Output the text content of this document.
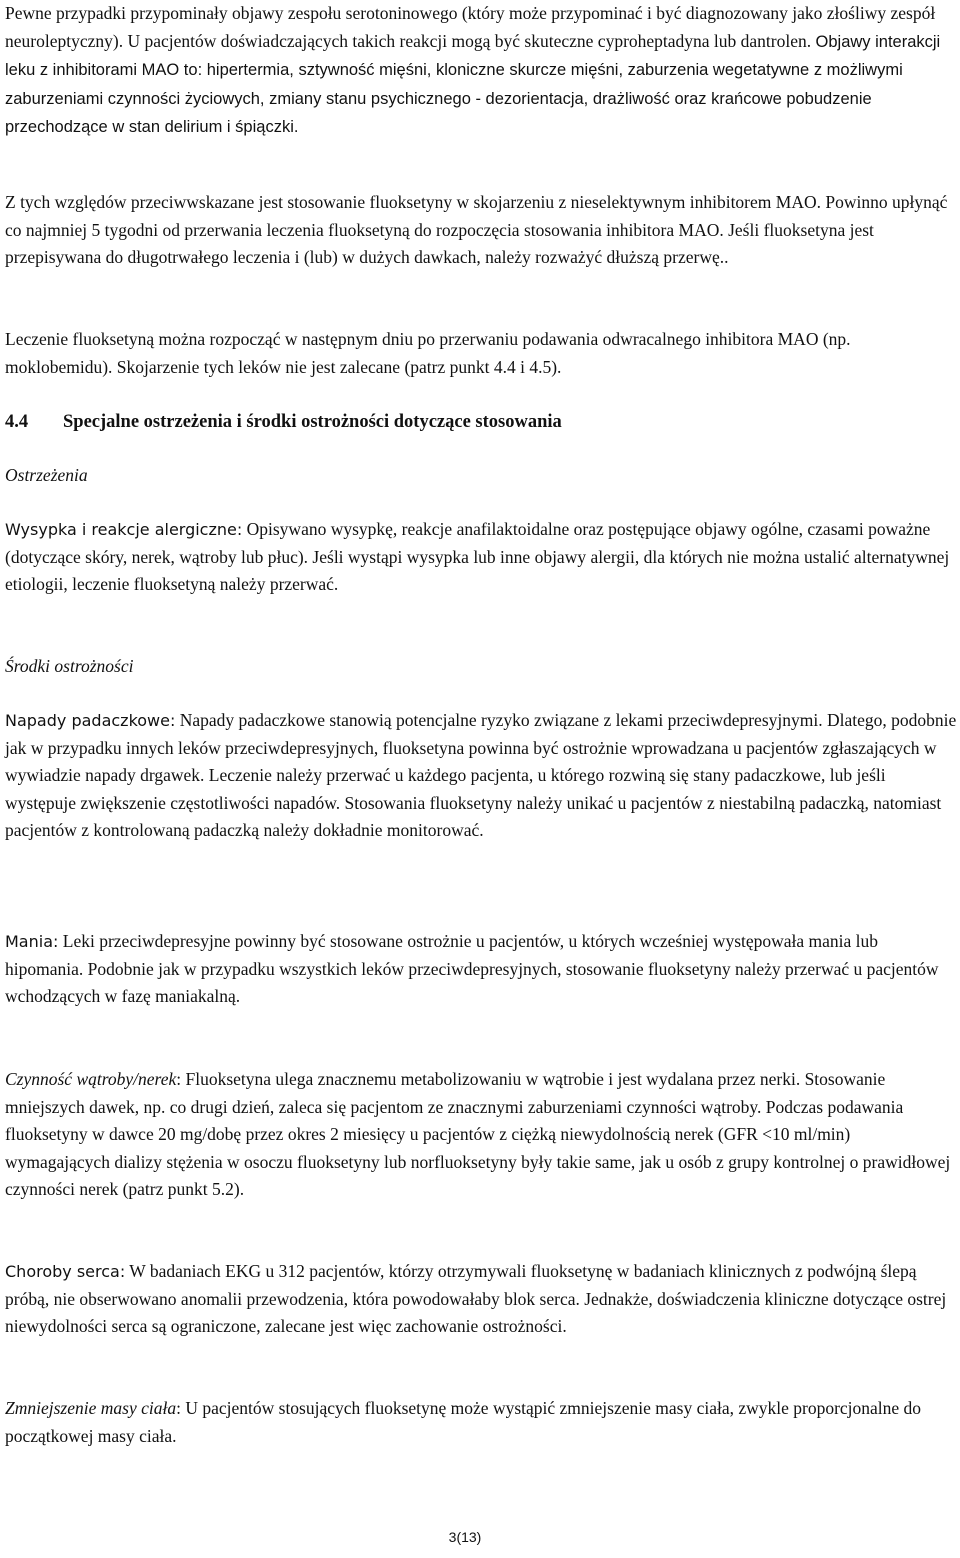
Pewne przypadki przypominały objawy zespołu serotoninowego (który może przypominać i być diagnozowany jako złośliwy zespół neuroleptyczny). U pacjentów doświadczających takich reakcji mogą być skuteczne cyproheptadyna lub dantrolen. Objawy interakcji leku z inhibitorami MAO to: hipertermia, sztywność mięśni, kloniczne skurcze mięśni, zaburzenia wegetatywne z możliwymi zaburzeniami czynności życiowych, zmiany stanu psychicznego - dezorientacja, drażliwość oraz krańcowe pobudzenie przechodzące w stan delirium i śpiączki.
Z tych względów przeciwwskazane jest stosowanie fluoksetyny w skojarzeniu z nieselektywnym inhibitorem MAO. Powinno upłynąć co najmniej 5 tygodni od przerwania leczenia fluoksetyną do rozpoczęcia stosowania inhibitora MAO. Jeśli fluoksetyna jest przepisywana do długotrwałego leczenia i (lub) w dużych dawkach, należy rozważyć dłuższą przerwę..
Leczenie fluoksetyną można rozpocząć w następnym dniu po przerwaniu podawania odwracalnego inhibitora MAO (np. moklobemidu). Skojarzenie tych leków nie jest zalecane (patrz punkt 4.4 i 4.5).
4.4 Specjalne ostrzeżenia i środki ostrożności dotyczące stosowania
Ostrzeżenia
Wysypka i reakcje alergiczne: Opisywano wysypkę, reakcje anafilaktoidalne oraz postępujące objawy ogólne, czasami poważne (dotyczące skóry, nerek, wątroby lub płuc). Jeśli wystąpi wysypka lub inne objawy alergii, dla których nie można ustalić alternatywnej etiologii, leczenie fluoksetyną należy przerwać.
Środki ostrożności
Napady padaczkowe: Napady padaczkowe stanowią potencjalne ryzyko związane z lekami przeciwdepresyjnymi. Dlatego, podobnie jak w przypadku innych leków przeciwdepresyjnych, fluoksetyna powinna być ostrożnie wprowadzana u pacjentów zgłaszających w wywiadzie napady drgawek. Leczenie należy przerwać u każdego pacjenta, u którego rozwiną się stany padaczkowe, lub jeśli występuje zwiększenie częstotliwości napadów. Stosowania fluoksetyny należy unikać u pacjentów z niestabilną padaczką, natomiast pacjentów z kontrolowaną padaczką należy dokładnie monitorować.
Mania: Leki przeciwdepresyjne powinny być stosowane ostrożnie u pacjentów, u których wcześniej występowała mania lub hipomania. Podobnie jak w przypadku wszystkich leków przeciwdepresyjnych, stosowanie fluoksetyny należy przerwać u pacjentów wchodzących w fazę maniakalną.
Czynność wątroby/nerek: Fluoksetyna ulega znacznemu metabolizowaniu w wątrobie i jest wydalana przez nerki. Stosowanie mniejszych dawek, np. co drugi dzień, zaleca się pacjentom ze znacznymi zaburzeniami czynności wątroby. Podczas podawania fluoksetyny w dawce 20 mg/dobę przez okres 2 miesięcy u pacjentów z ciężką niewydolnością nerek (GFR <10 ml/min) wymagających dializy stężenia w osoczu fluoksetyny lub norfluoksetyny były takie same, jak u osób z grupy kontrolnej o prawidłowej czynności nerek (patrz punkt 5.2).
Choroby serca: W badaniach EKG u 312 pacjentów, którzy otrzymywali fluoksetynę w badaniach klinicznych z podwójną ślepą próbą, nie obserwowano anomalii przewodzenia, która powodowałaby blok serca. Jednakże, doświadczenia kliniczne dotyczące ostrej niewydolności serca są ograniczone, zalecane jest więc zachowanie ostrożności.
Zmniejszenie masy ciała: U pacjentów stosujących fluoksetynę może wystąpić zmniejszenie masy ciała, zwykle proporcjonalne do początkowej masy ciała.
3(13)
